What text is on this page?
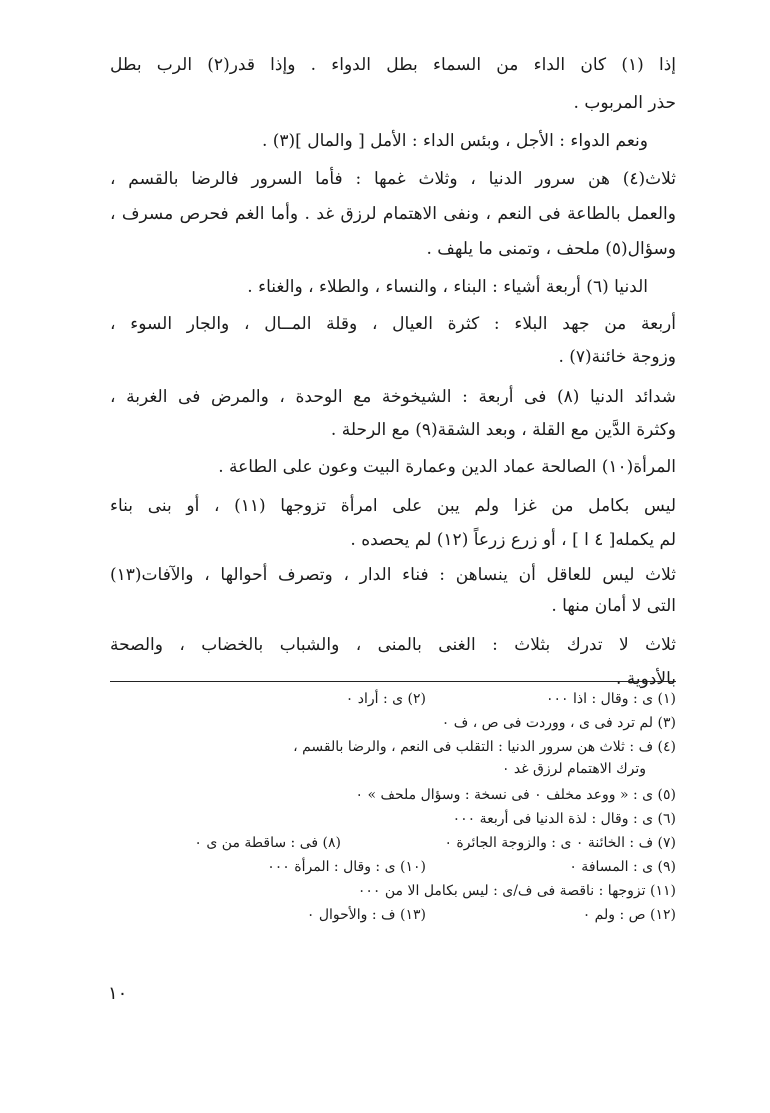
إذا (١) كان الداء من السماء بطل الدواء . وإذا قدر(٢) الرب بطل
حذر المربوب .
ونعم الدواء : الأجل ، وبئس الداء : الأمل [ والمال ](٣) .
ثلاث(٤) هن سرور الدنيا ، وثلاث غمها : فأما السرور فالرضا بالقسم ،
والعمل بالطاعة فى النعم ، ونفى الاهتمام لرزق غد . وأما الغم فحرص مسرف ،
وسؤال(٥) ملحف ، وتمنى ما يلهف .
الدنيا (٦) أربعة أشياء : البناء ، والنساء ، والطلاء ، والغناء .
أربعة من جهد البلاء : كثرة العيال ، وقلة المــال ، والجار السوء ،
وزوجة خائنة(٧) .
شدائد الدنيا (٨) فى أربعة : الشيخوخة مع الوحدة ، والمرض فى الغربة ،
وكثرة الدَّين مع القلة ، وبعد الشقة(٩) مع الرحلة .
المرأة(١٠) الصالحة عماد الدين وعمارة البيت وعون على الطاعة .
ليس بكامل من غزا ولم يبن على امرأة تزوجها (١١) ، أو بنى بناء
لم يكمله[ ٤ ا ] ، أو زرع زرعاً (١٢) لم يحصده .
ثلاث ليس للعاقل أن ينساهن : فناء الدار ، وتصرف أحوالها ، والآفات(١٣)
التى لا أمان منها .
ثلاث لا تدرك بثلاث : الغنى بالمنى ، والشباب بالخضاب ، والصحة
بالأدوية .
(١) ى : وقال : اذا ٠٠٠
(٢) ى : أراد ٠
(٣) لم ترد فى ى ، ووردت فى ص ، ف ٠
(٤) ف : ثلاث هن سرور الدنيا : التقلب فى النعم ، والرضا بالقسم ،
وترك الاهتمام لرزق غد ٠
(٥) ى : « ووعد مخلف ٠ فى نسخة : وسؤال ملحف » ٠
(٦) ى : وقال : لذة الدنيا فى أربعة ٠٠٠
(٧) ف : الخائنة ٠ ى : والزوجة الجائرة ٠
(٨) فى : ساقطة من ى ٠
(٩) ى : المسافة ٠
(١٠) ى : وقال : المرأة ٠٠٠
(١١) تزوجها : ناقصة فى ف/ى : ليس بكامل الا من ٠٠٠
(١٢) ص : ولم ٠
(١٣) ف : والأحوال ٠
١٠
